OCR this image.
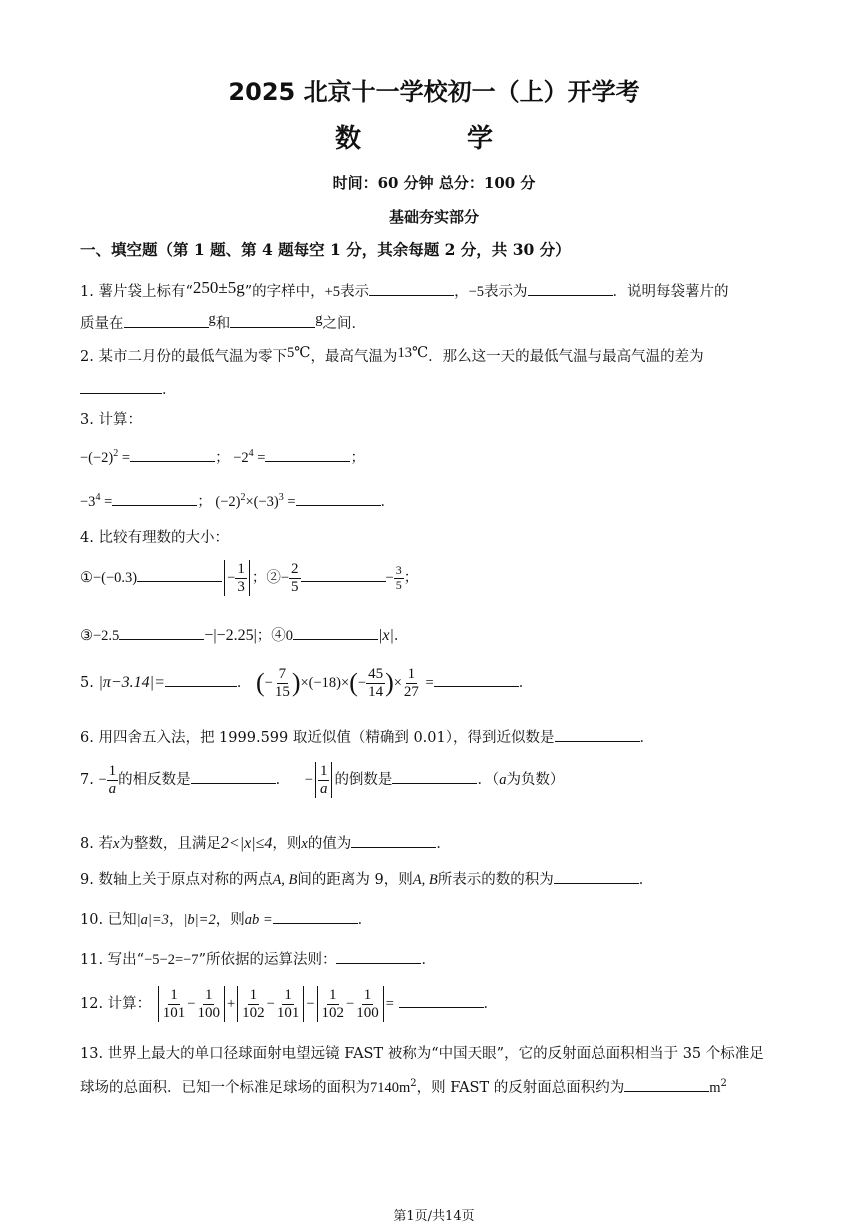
2025 北京十一学校初一（上）开学考
数　学
时间：60 分钟 总分：100 分
基础夯实部分
一、填空题（第 1 题、第 4 题每空 1 分，其余每题 2 分，共 30 分）
1. 薯片袋上标有“250±5g”的字样中，+5表示	，−5表示为	．说明每袋薯片的
质量在	g和	g之间．
2. 某市二月份的最低气温为零下5℃，最高气温为13℃．那么这一天的最低气温与最高气温的差为
．
3. 计算：
$-(-2)^2$ =	； $-2^4$ =	；
$-3^4$ =	； $(-2)^2\times(-3)^3$ =	．
4. 比较有理数的大小：
①−(−0.3)	− $\frac{1}{3}$ ；②− $\frac{2}{5}$	− $\frac{3}{5}$ ；
③−2.5	−|−2.25|；④0	|x|．
5. |π−3.14|=	． (− $\frac{7}{15} )\times(-18)\times(- \frac{45}{14}$ )× $\frac{1}{27}$ =	．
6. 用四舍五入法，把 1999.599 取近似值（精确到 0.01），得到近似数是	．
7. − $\frac{1}{a}$ 的相反数是	． − $\frac{1}{a}$ 的倒数是	．（a为负数）
8. 若x为整数，且满足2<|x|≤4，则x的值为	．
9. 数轴上关于原点对称的两点A, B间的距离为 9，则A, B所表示的数的积为	．
10. 已知|a|=3，|b|=2，则ab =	．
11. 写出“−5−2=−7”所依据的运算法则：	．
12. 计算： $\frac{1}{101} - \frac{1}{100} + \frac{1}{102} - \frac{1}{101} - \frac{1}{102} - \frac{1}{100}$ =	．
13. 世界上最大的单口径球面射电望远镜 FAST 被称为“中国天眼”，它的反射面总面积相当于 35 个标准足
球场的总面积．已知一个标准足球场的面积为$7140m^2$，则 FAST 的反射面总面积约为	$m^2$
第1页/共14页
